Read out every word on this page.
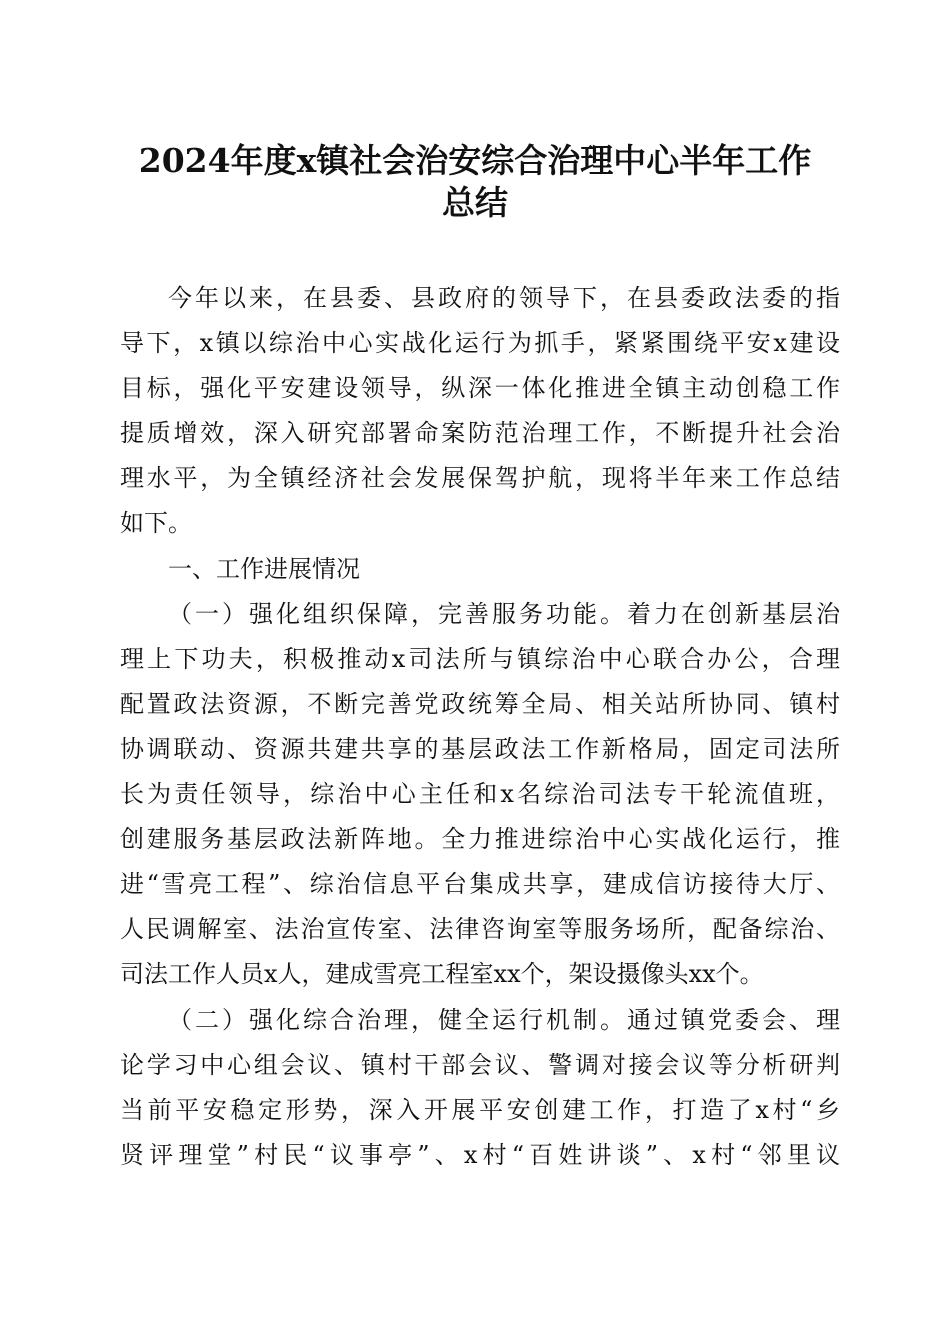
2024年度x镇社会治安综合治理中心半年工作
总结
今年以来，在县委、县政府的领导下，在县委政法委的指
导下，x镇以综治中心实战化运行为抓手，紧紧围绕平安x建设
目标，强化平安建设领导，纵深一体化推进全镇主动创稳工作
提质增效，深入研究部署命案防范治理工作，不断提升社会治
理水平，为全镇经济社会发展保驾护航，现将半年来工作总结
如下。
一、工作进展情况
（一）强化组织保障，完善服务功能。着力在创新基层治
理上下功夫，积极推动x司法所与镇综治中心联合办公，合理
配置政法资源，不断完善党政统筹全局、相关站所协同、镇村
协调联动、资源共建共享的基层政法工作新格局，固定司法所
长为责任领导，综治中心主任和x名综治司法专干轮流值班，
创建服务基层政法新阵地。全力推进综治中心实战化运行，推
进“雪亮工程”、综治信息平台集成共享，建成信访接待大厅、
人民调解室、法治宣传室、法律咨询室等服务场所，配备综治、
司法工作人员x人，建成雪亮工程室xx个，架设摄像头xx个。
（二）强化综合治理，健全运行机制。通过镇党委会、理
论学习中心组会议、镇村干部会议、警调对接会议等分析研判
当前平安稳定形势，深入开展平安创建工作，打造了x村“乡
贤评理堂”村民“议事亭”、x村“百姓讲谈”、x村“邻里议
